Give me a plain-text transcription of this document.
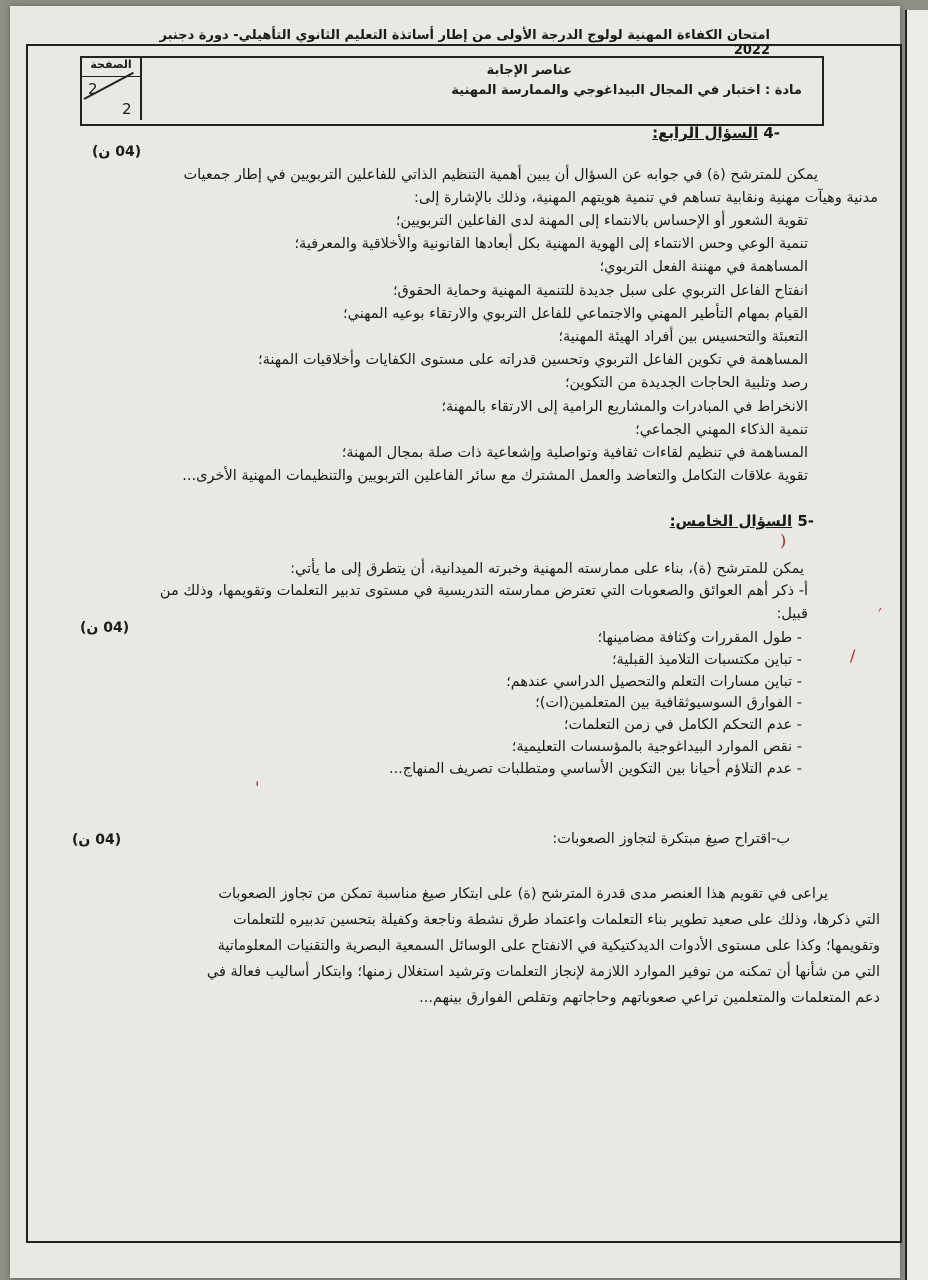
امتحان الكفاءة المهنية لولوج الدرجة الأولى من إطار أساتذة التعليم الثانوي التأهيلي- دورة دجنبر 2022
عناصر الإجابة
مادة : اختبار في المجال البيداغوجي والممارسة المهنية
الصفحة
2
2
-4 السؤال الرابع:
(04 ن)
يمكن للمترشح (ة) في جوابه عن السؤال أن يبين أهمية التنظيم الذاتي للفاعلين التربويين في إطار جمعيات
مدنية وهيآت مهنية ونقابية تساهم في تنمية هويتهم المهنية، وذلك بالإشارة إلى:
تقوية الشعور أو الإحساس بالانتماء إلى المهنة لدى الفاعلين التربويين؛
تنمية الوعي وحس الانتماء إلى الهوية المهنية بكل أبعادها القانونية والأخلاقية والمعرفية؛
المساهمة في مهننة الفعل التربوي؛
انفتاح الفاعل التربوي على سبل جديدة للتنمية المهنية وحماية الحقوق؛
القيام بمهام التأطير المهني والاجتماعي للفاعل التربوي والارتقاء بوعيه المهني؛
التعبئة والتحسيس بين أفراد الهيئة المهنية؛
المساهمة في تكوين الفاعل التربوي وتحسين قدراته على مستوى الكفايات وأخلاقيات المهنة؛
رصد وتلبية الحاجات الجديدة من التكوين؛
الانخراط في المبادرات والمشاريع الرامية إلى الارتقاء بالمهنة؛
تنمية الذكاء المهني الجماعي؛
المساهمة في تنظيم لقاءات ثقافية وتواصلية وإشعاعية ذات صلة بمجال المهنة؛
تقوية علاقات التكامل والتعاضد والعمل المشترك مع سائر الفاعلين التربويين والتنظيمات المهنية الأخرى...
-5 السؤال الخامس:
يمكن للمترشح (ة)، بناء على ممارسته المهنية وخبرته الميدانية، أن يتطرق إلى ما يأتي:
أ- ذكر أهم العوائق والصعوبات التي تعترض ممارسته التدريسية في مستوى تدبير التعلمات وتقويمها، وذلك من
قبيل:
(04 ن)
- طول المقررات وكثافة مضامينها؛
- تباين مكتسبات التلاميذ القبلية؛
- تباين مسارات التعلم والتحصيل الدراسي عندهم؛
- الفوارق السوسيوثقافية بين المتعلمين(ات)؛
- عدم التحكم الكامل في زمن التعلمات؛
- نقص الموارد البيداغوجية بالمؤسسات التعليمية؛
- عدم التلاؤم أحيانا بين التكوين الأساسي ومتطلبات تصريف المنهاج...
ب-اقتراح صيغ مبتكرة لتجاوز الصعوبات:
(04 ن)
يراعى في تقويم هذا العنصر مدى قدرة المترشح (ة) على ابتكار صيغ مناسبة تمكن من تجاوز الصعوبات
التي ذكرها، وذلك على صعيد تطوير بناء التعلمات واعتماد طرق نشطة وناجعة وكفيلة بتحسين تدبيره للتعلمات
وتقويمها؛ وكذا على مستوى الأدوات الديدكتيكية في الانفتاح على الوسائل السمعية البصرية والتقنيات المعلوماتية
التي من شأنها أن تمكنه من توفير الموارد اللازمة لإنجاز التعلمات وترشيد استغلال زمنها؛ وابتكار أساليب فعالة في
دعم المتعلمات والمتعلمين تراعي صعوباتهم وحاجاتهم وتقلص الفوارق بينهم...
)
׳
/
'
